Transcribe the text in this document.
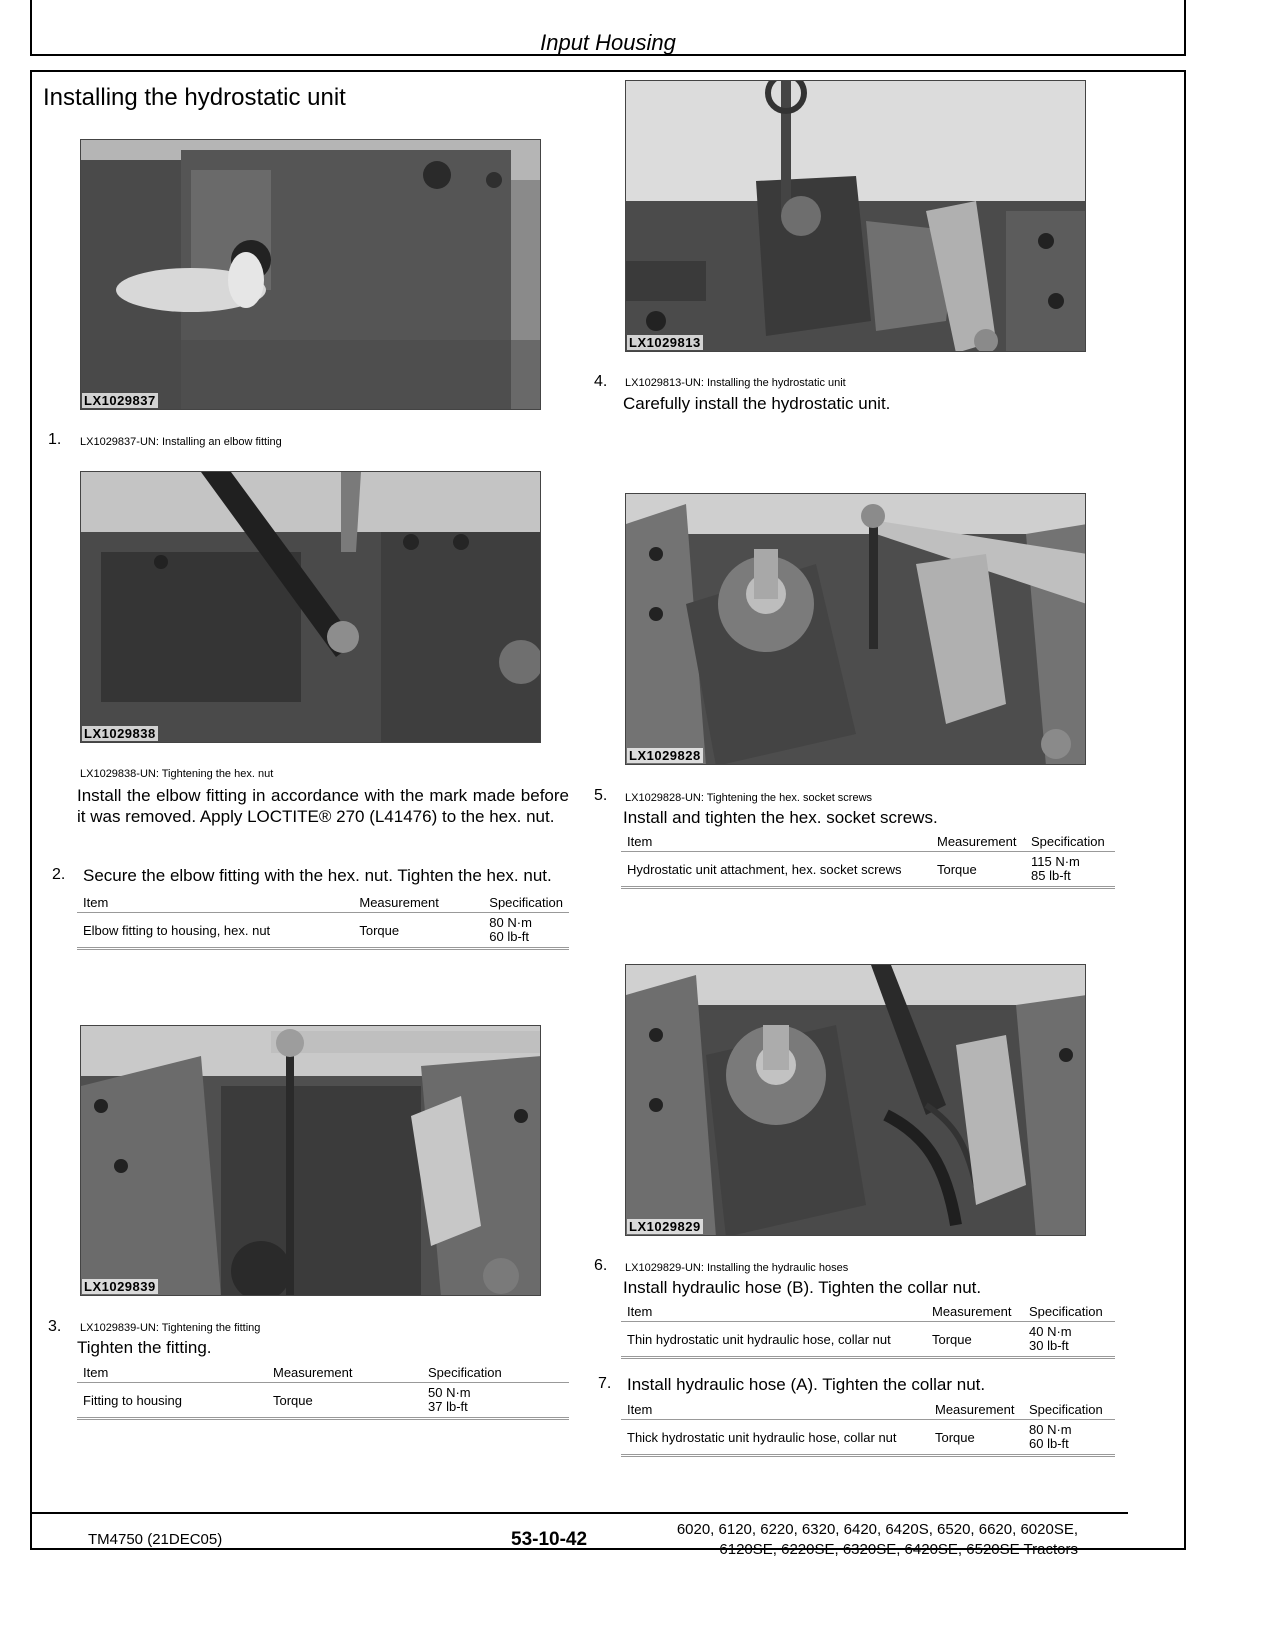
Input Housing
Installing the hydrostatic unit
LX1029837
1. LX1029837-UN: Installing an elbow fitting
LX1029838
LX1029838-UN: Tightening the hex. nut
Install the elbow fitting in accordance with the mark made before it was removed. Apply LOCTITE® 270 (L41476) to the hex. nut.
2. Secure the elbow fitting with the hex. nut. Tighten the hex. nut.
Item	Measurement	Specification
Elbow fitting to housing, hex. nut	Torque	80 N·m
60 lb-ft
LX1029839
3. LX1029839-UN: Tightening the fitting
Tighten the fitting.
Item	Measurement	Specification
Fitting to housing	Torque	50 N·m
37 lb-ft
LX1029813
4. LX1029813-UN: Installing the hydrostatic unit
Carefully install the hydrostatic unit.
LX1029828
5. LX1029828-UN: Tightening the hex. socket screws
Install and tighten the hex. socket screws.
Item	Measurement	Specification
Hydrostatic unit attachment, hex. socket screws	Torque	115 N·m
85 lb-ft
LX1029829
6. LX1029829-UN: Installing the hydraulic hoses
Install hydraulic hose (B). Tighten the collar nut.
Item	Measurement	Specification
Thin hydrostatic unit hydraulic hose, collar nut	Torque	40 N·m
30 lb-ft
7. Install hydraulic hose (A). Tighten the collar nut.
Item	Measurement	Specification
Thick hydrostatic unit hydraulic hose, collar nut	Torque	80 N·m
60 lb-ft
TM4750 (21DEC05)	53-10-42	6020, 6120, 6220, 6320, 6420, 6420S, 6520, 6620, 6020SE,
6120SE, 6220SE, 6320SE, 6420SE, 6520SE Tractors
